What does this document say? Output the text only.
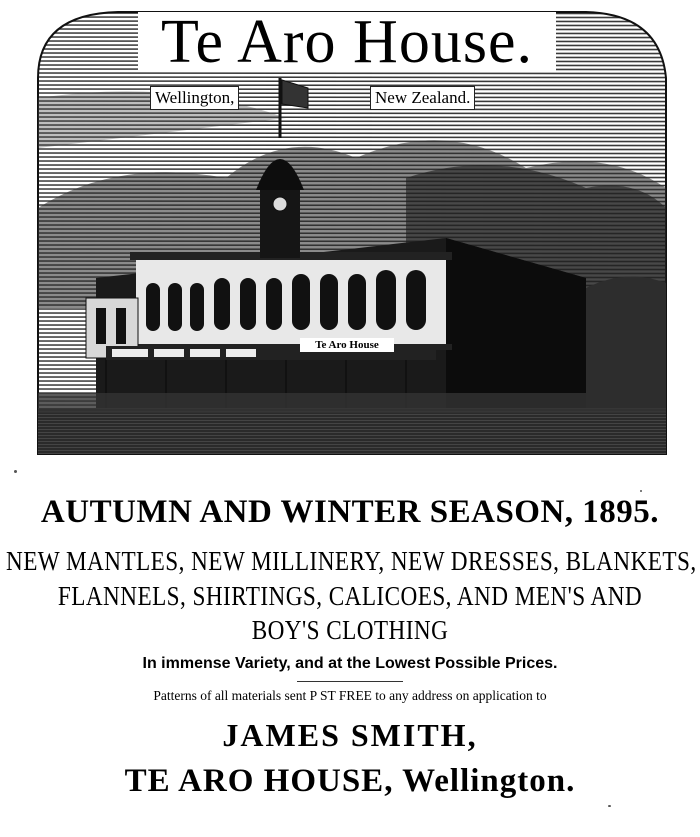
Te Aro House.
Wellington,	New Zealand.
Te Aro House
AUTUMN AND WINTER SEASON, 1895.
NEW MANTLES, NEW MILLINERY, NEW DRESSES, BLANKETS,
FLANNELS, SHIRTINGS, CALICOES, AND MEN'S AND
BOY'S CLOTHING
In immense Variety, and at the Lowest Possible Prices.
Patterns of all materials sent P ST FREE to any address on application to
JAMES SMITH,
TE ARO HOUSE, Wellington.
